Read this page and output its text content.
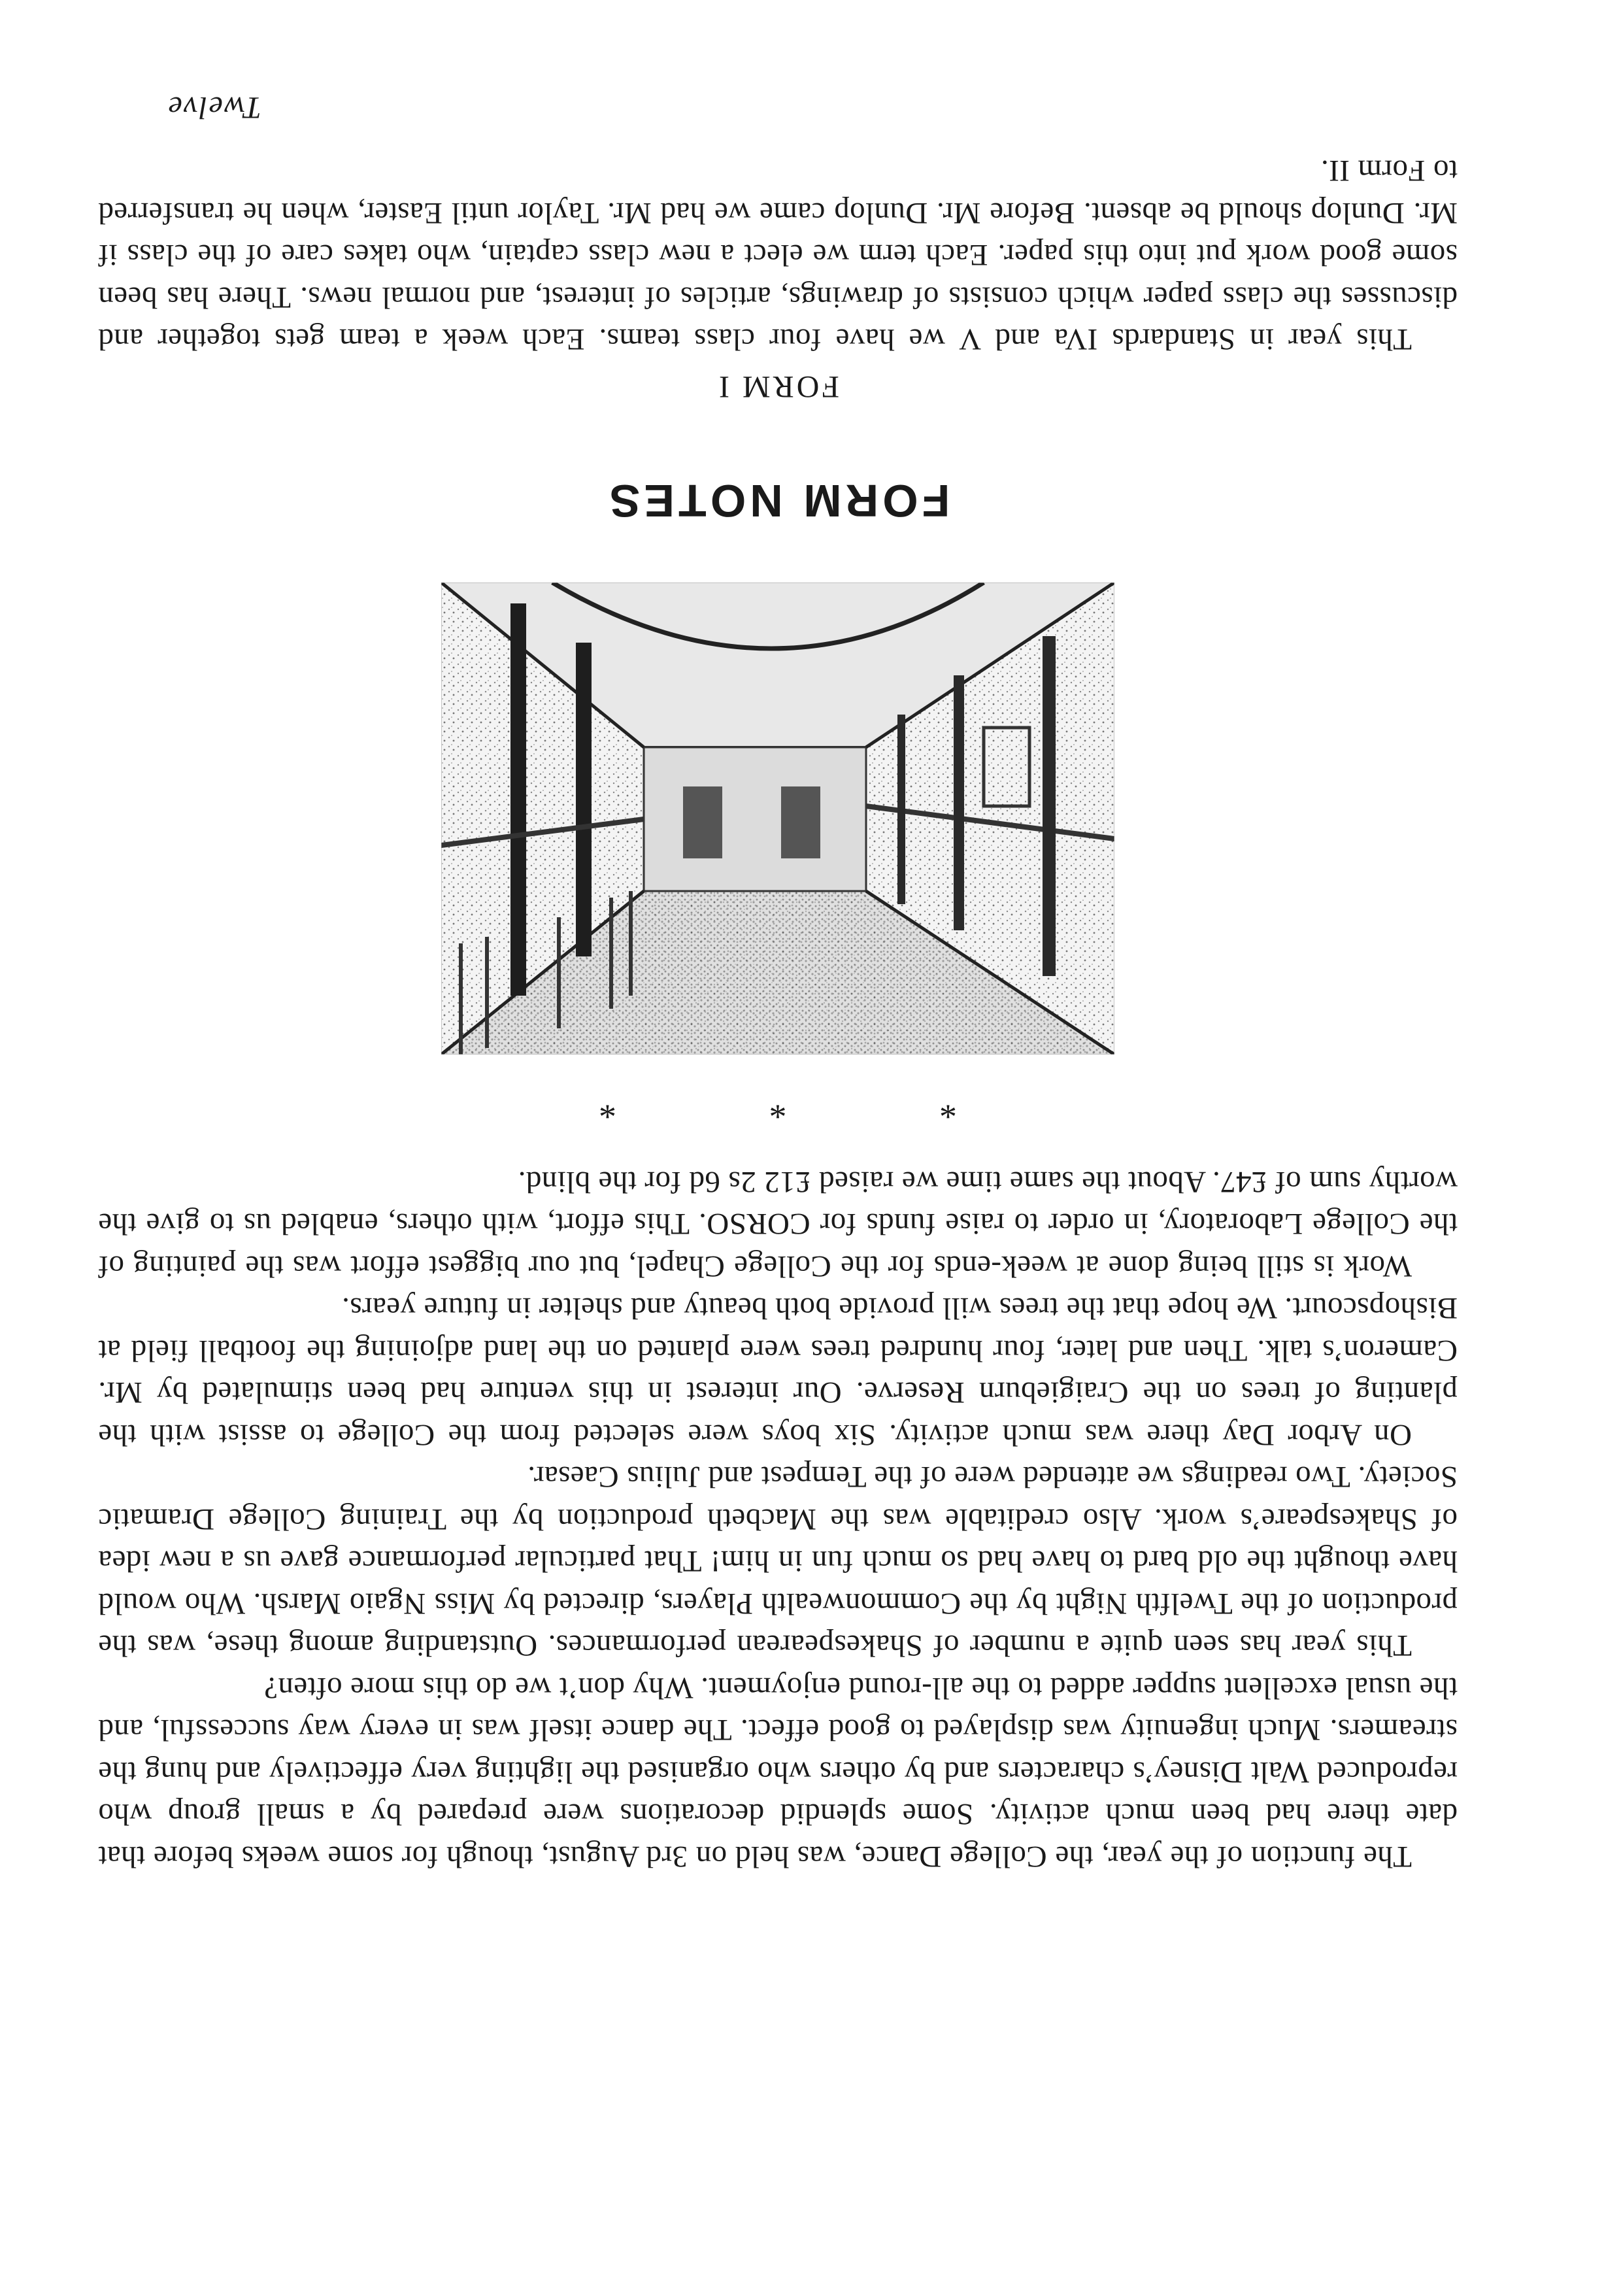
The function of the year, the College Dance, was held on 3rd August, though for some weeks before that date there had been much activity. Some splendid decorations were prepared by a small group who reproduced Walt Disney’s characters and by others who organised the lighting very effectively and hung the streamers. Much ingenuity was displayed to good effect. The dance itself was in every way successful, and the usual excellent supper added to the all-round enjoyment. Why don’t we do this more often?

This year has seen quite a number of Shakespearean performances. Outstanding among these, was the production of the Twelfth Night by the Commonwealth Players, directed by Miss Ngaio Marsh. Who would have thought the old bard to have had so much fun in him! That particular performance gave us a new idea of Shakespeare’s work. Also creditable was the Macbeth production by the Training College Dramatic Society. Two readings we attended were of the Tempest and Julius Caesar.

On Arbor Day there was much activity. Six boys were selected from the College to assist with the planting of trees on the Craigieburn Reserve. Our interest in this venture had been stimulated by Mr. Cameron’s talk. Then and later, four hundred trees were planted on the land adjoining the football field at Bishopscourt. We hope that the trees will provide both beauty and shelter in future years.

Work is still being done at week-ends for the College Chapel, but our biggest effort was the painting of the College Laboratory, in order to raise funds for CORSO. This effort, with others, enabled us to give the worthy sum of £47. About the same time we raised £12 2s 6d for the blind.

* * *
FORM NOTES
FORM I

This year in Standards IVa and V we have four class teams. Each week a team gets together and discusses the class paper which consists of drawings, articles of interest, and normal news. There has been some good work put into this paper. Each term we elect a new class captain, who takes care of the class if Mr. Dunlop should be absent. Before Mr. Dunlop came we had Mr. Taylor until Easter, when he transferred to Form II.

Twelve
